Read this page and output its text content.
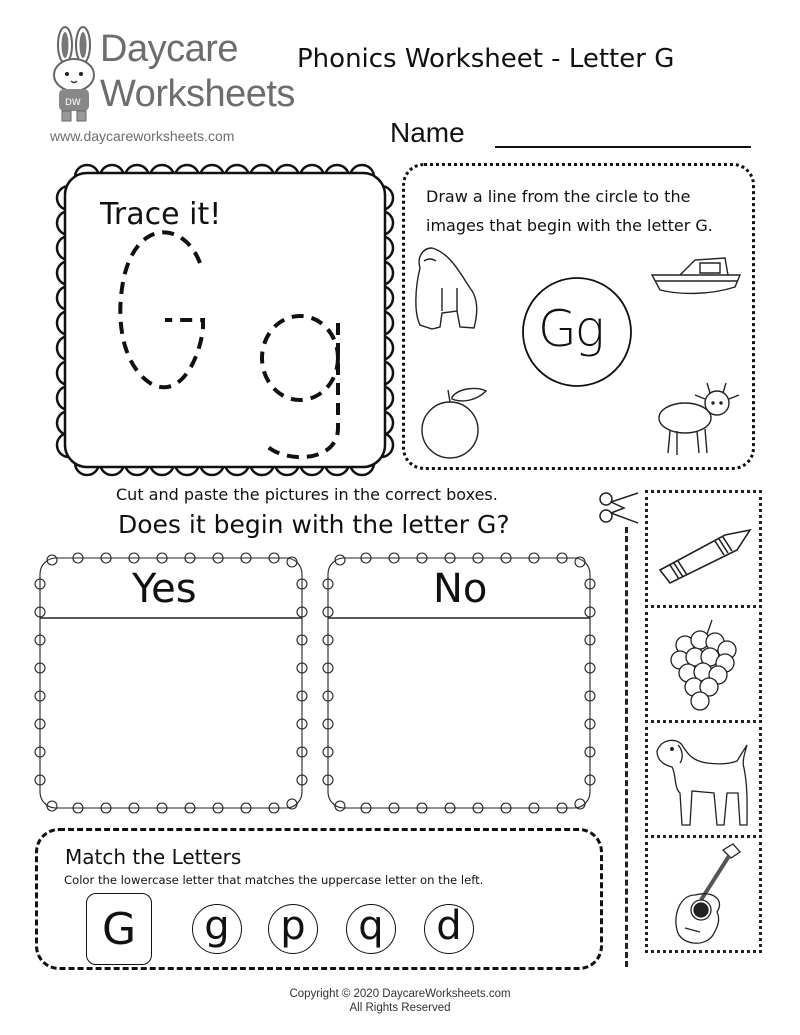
DW
Daycare
Worksheets
www.daycareworksheets.com
Phonics Worksheet - Letter G
Name
Trace it!
Draw a line from the circle to the
images that begin with the letter G.
Gg
Cut and paste the pictures in the correct boxes.
Does it begin with the letter G?
Yes	No
Match the Letters
Color the lowercase letter that matches the uppercase letter on the left.
G	g	p	q	d
Copyright © 2020 DaycareWorksheets.com
All Rights Reserved
